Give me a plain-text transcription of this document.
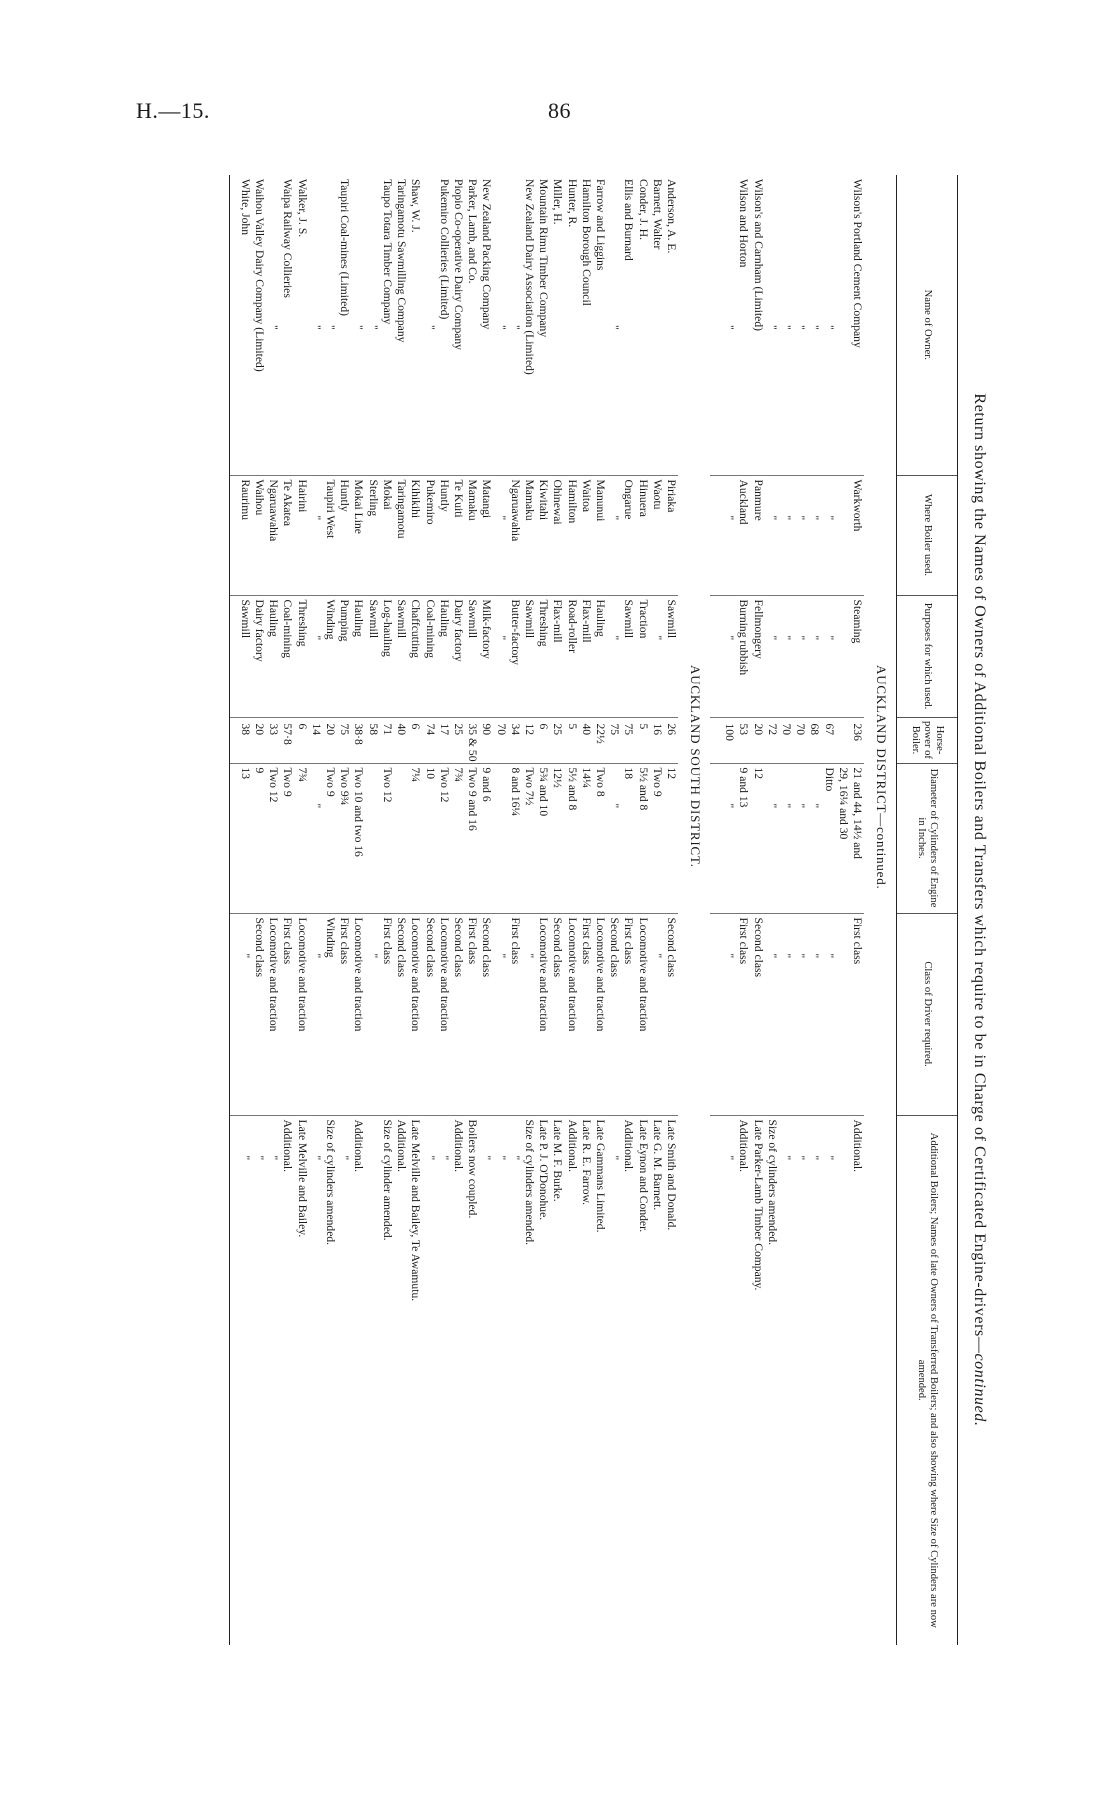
H.—15.	86
Return showing the Names of Owners of Additional Boilers and Transfers which require to be in Charge of Certificated Engine-drivers—continued.
Name of Owner.	Where Boiler used.	Purposes for which used.	Horse-power of Boiler.	Diameter of Cylinders of Engine in Inches.	Class of Driver required.	Additional Boilers; Names of late Owners of Transferred Boilers; and also showing where Size of Cylinders are now amended.
	AUCKLAND DISTRICT—continued.					
Wilson's Portland Cement Company	Warkworth	Steaming	236	21 and 44, 14½ and	First class	Additional.
				29, 16¼ and 30		
"	"	"	67	Ditto	"	"
"	"	"	68	"	"	"
"	"	"	70	"	"	"
"	"	"	70	"	"	"
"	"	"	72	"	"	Size of cylinders amended.
Wilson's and Carnham (Limited)	Panmure	Fellmongery	20	12	Second class	Late Parker-Lamb Timber Company.
Wilson and Horton	Auckland	Burning rubbish	53	9 and 13	First class	Additional.
"	"	"	100	"	"	"

	AUCKLAND SOUTH DISTRICT.					
Anderson, A. E.	Piriaka	Sawmill	26	12	Second class	Late Smith and Donald.
Barnett, Walter	Waotu	"	16	Two 9	"	Late G. M. Barnett.
Conder, J. H.	Hinuera	Traction	5	5½ and 8	Locomotive and traction	Late Eynon and Conder.
Ellis and Burnard	Ongarue	Sawmill	75	18	First class	Additional.
"	"	"	75	"	Second class	"
Farrow and Liggins	Manunui	Hauling	22½	Two 8	Locomotive and traction	Late Gammans Limited.
Hamilton Borough Council	Waitoa	Flax-mill	40	14¼	First class	Late R. E. Farrow.
Hunter, R.	Hamilton	Road-roller	5	5½ and 8	Locomotive and traction	Additional.
Miller, H.	Ohinewai	Flax-mill	25	12½	Second class	Late M. F. Burke.
Mountain Rimu Timber Company	Kiwitahi	Threshing	6	5¾ and 10	Locomotive and traction	Late P. J. O'Donohue.
New Zealand Dairy Association (Limited)	Mamaku	Sawmill	12	Two 7½	"	Size of cylinders amended.
"	Ngaruawahia	Butter-factory	34	8 and 16¼	First class	"
"	"	"	70		"	"
New Zealand Packing Company	Matangi	Milk-factory	90	9 and 6	Second class	"
Parker, Lamb, and Co.	Mamaku	Sawmill	35 & 50	Two 9 and 16	First class	Boilers now coupled.
Piopio Co-operative Dairy Company	Te Kuiti	Dairy factory	25	7¾	Second class	Additional.
Pukemiro Collieries (Limited)	Huntly	Hauling	17	Two 12	Locomotive and traction	"
"	Pukemiro	Coal-mining	74	10	Second class	"
Shaw, W. J.	Kihikihi	Chaffcutting	6	7¼	Locomotive and traction	Late Melville and Bailey, Te Awamutu.
Taringamotu Sawmilling Company	Taringamotu	Sawmill	40		Second class	Additional.
Taupo Totara Timber Company	Mokai	Log-hauling	71	Two 12	First class	Size of cylinder amended.
"	Sterling	Sawmill	58		"	
"	Mokai Line	Hauling	38·8	Two 10 and two 16	Locomotive and traction	Additional.
Taupiri Coal-mines (Limited)	Huntly	Pumping	75	Two 9¾	First class	"
"	Taupiri West	Winding	20	Two 9	Winding	Size of cylinders amended.
"	"	"	14	"	"	"
Walker, J. S.	Hairini	Threshing	6	7¾	Locomotive and traction	Late Melville and Bailey.
Waipa Railway Collieries	Te Akatea	Coal-mining	57·8	Two 9	First class	Additional.
"	Ngaruawahia	Hauling	33	Two 12	Locomotive and traction	"
Waihou Valley Dairy Company (Limited)	Waihou	Dairy factory	20	9	Second class	"
White, John	Raurimu	Sawmill	38	13	"	"
